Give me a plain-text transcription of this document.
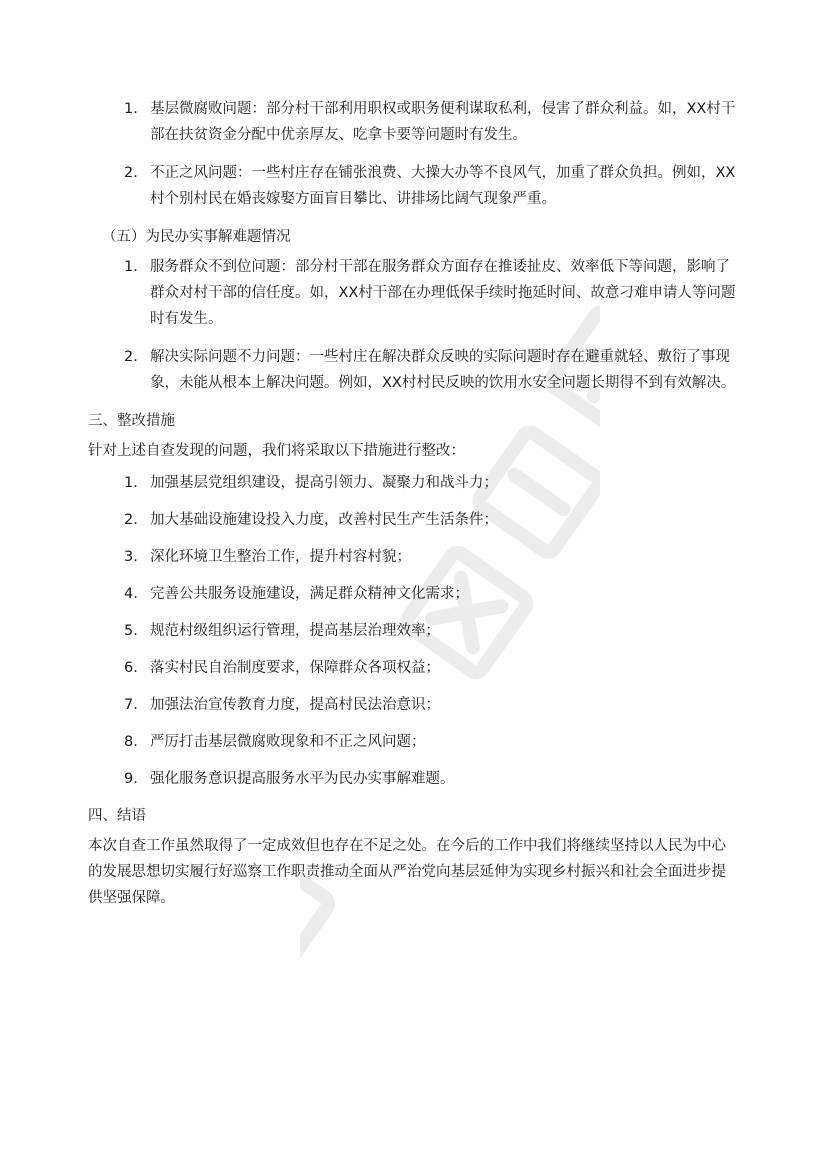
1. 基层微腐败问题：部分村干部利用职权或职务便利谋取私利，侵害了群众利益。如，XX村干部在扶贫资金分配中优亲厚友、吃拿卡要等问题时有发生。
2. 不正之风问题：一些村庄存在铺张浪费、大操大办等不良风气，加重了群众负担。例如，XX村个别村民在婚丧嫁娶方面盲目攀比、讲排场比阔气现象严重。

（五）为民办实事解难题情况

1. 服务群众不到位问题：部分村干部在服务群众方面存在推诿扯皮、效率低下等问题，影响了群众对村干部的信任度。如，XX村干部在办理低保手续时拖延时间、故意刁难申请人等问题时有发生。
2. 解决实际问题不力问题：一些村庄在解决群众反映的实际问题时存在避重就轻、敷衍了事现象，未能从根本上解决问题。例如，XX村村民反映的饮用水安全问题长期得不到有效解决。

三、整改措施

针对上述自查发现的问题，我们将采取以下措施进行整改：

1. 加强基层党组织建设，提高引领力、凝聚力和战斗力；
2. 加大基础设施建设投入力度，改善村民生产生活条件；
3. 深化环境卫生整治工作，提升村容村貌；
4. 完善公共服务设施建设，满足群众精神文化需求；
5. 规范村级组织运行管理，提高基层治理效率；
6. 落实村民自治制度要求，保障群众各项权益；
7. 加强法治宣传教育力度，提高村民法治意识；
8. 严厉打击基层微腐败现象和不正之风问题；
9. 强化服务意识提高服务水平为民办实事解难题。

四、结语

本次自查工作虽然取得了一定成效但也存在不足之处。在今后的工作中我们将继续坚持以人民为中心的发展思想切实履行好巡察工作职责推动全面从严治党向基层延伸为实现乡村振兴和社会全面进步提供坚强保障。
